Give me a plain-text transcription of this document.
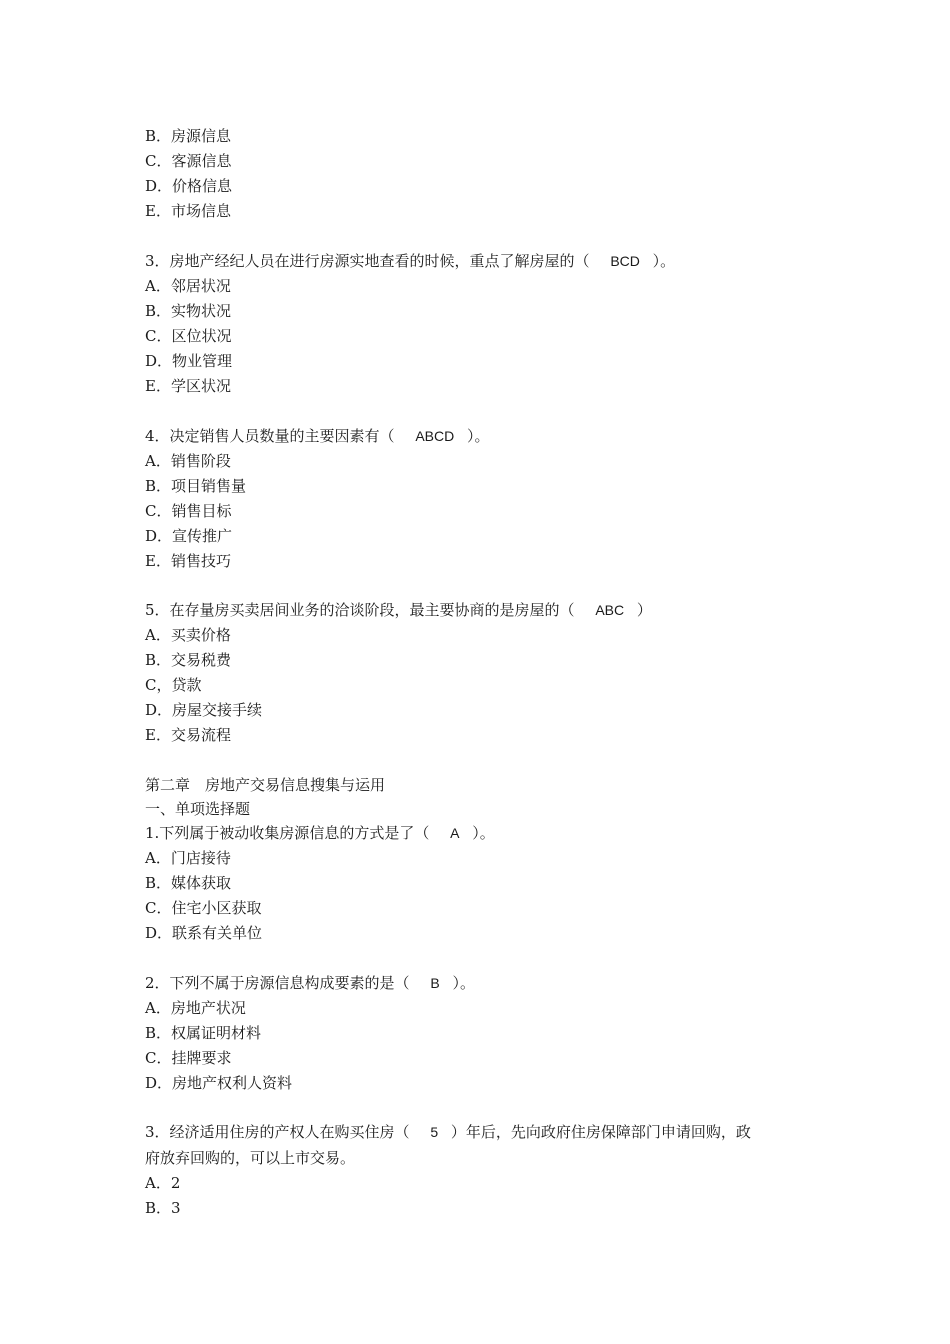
B．房源信息
C．客源信息
D．价格信息
E．市场信息
3．房地产经纪人员在进行房源实地查看的时候，重点了解房屋的（ BCD ）。
A．邻居状况
B．实物状况
C．区位状况
D．物业管理
E．学区状况
4．决定销售人员数量的主要因素有（ ABCD ）。
A．销售阶段
B．项目销售量
C．销售目标
D．宣传推广
E．销售技巧
5．在存量房买卖居间业务的洽谈阶段，最主要协商的是房屋的（ ABC ）
A．买卖价格
B．交易税费
C，贷款
D．房屋交接手续
E．交易流程
第二章　房地产交易信息搜集与运用
一、单项选择题
1.下列属于被动收集房源信息的方式是了（ A ）。
A．门店接待
B．媒体获取
C．住宅小区获取
D．联系有关单位
2．下列不属于房源信息构成要素的是（ B ）。
A．房地产状况
B．权属证明材料
C．挂牌要求
D．房地产权利人资料
3．经济适用住房的产权人在购买住房（ 5 ）年后，先向政府住房保障部门申请回购，政
府放弃回购的，可以上市交易。
A．2
B．3
